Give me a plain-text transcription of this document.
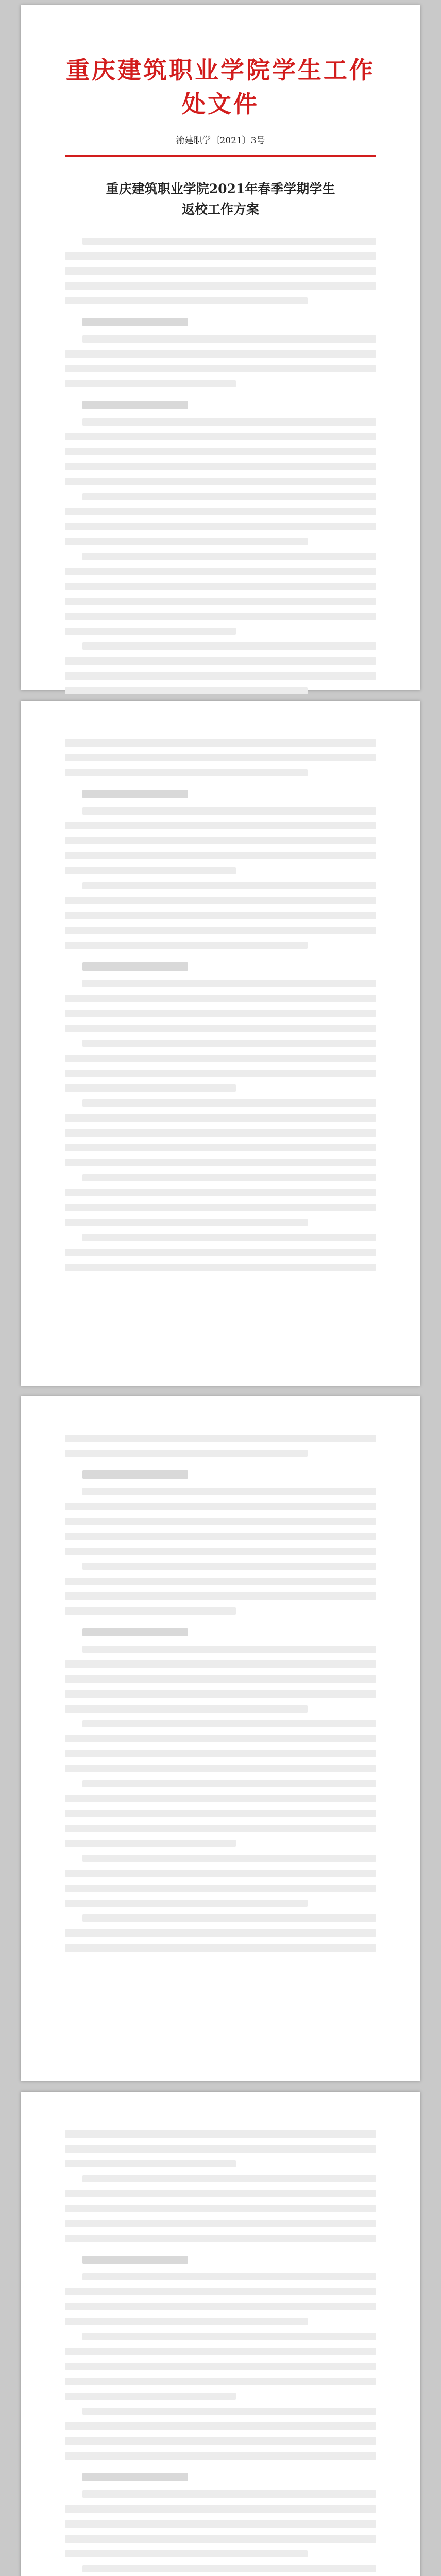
重庆建筑职业学院学生工作处文件
渝建职学〔2021〕3号
重庆建筑职业学院2021年春季学期学生
返校工作方案
